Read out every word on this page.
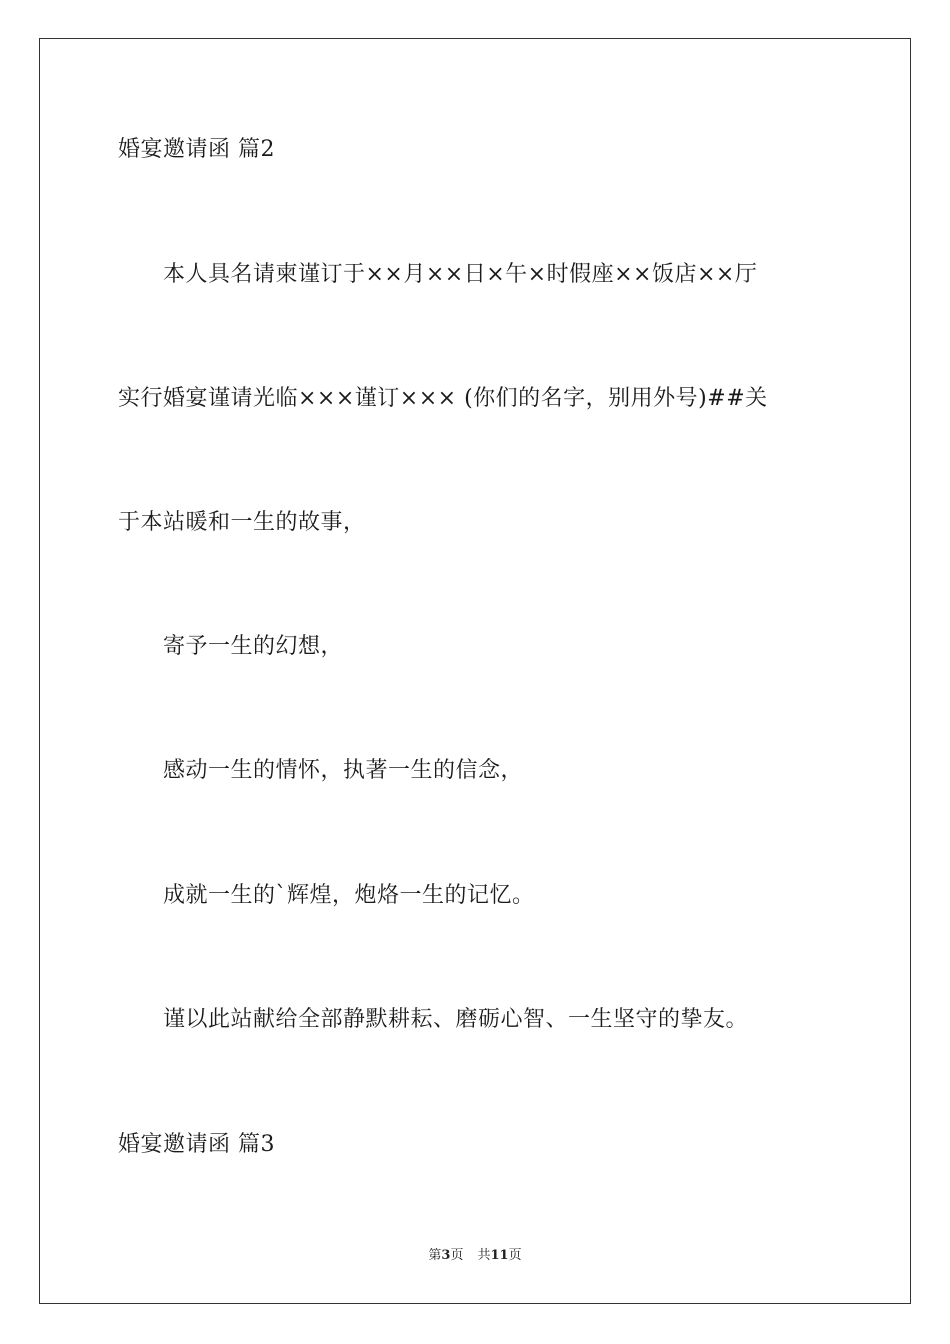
婚宴邀请函 篇2
本人具名请柬谨订于××月××日×午×时假座××饭店××厅
实行婚宴谨请光临×××谨订××× (你们的名字，别用外号)##关
于本站暖和一生的故事，
寄予一生的幻想，
感动一生的情怀，执著一生的信念，
成就一生的`辉煌，炮烙一生的记忆。
谨以此站献给全部静默耕耘、磨砺心智、一生坚守的挚友。
婚宴邀请函 篇3
第3页 共11页
